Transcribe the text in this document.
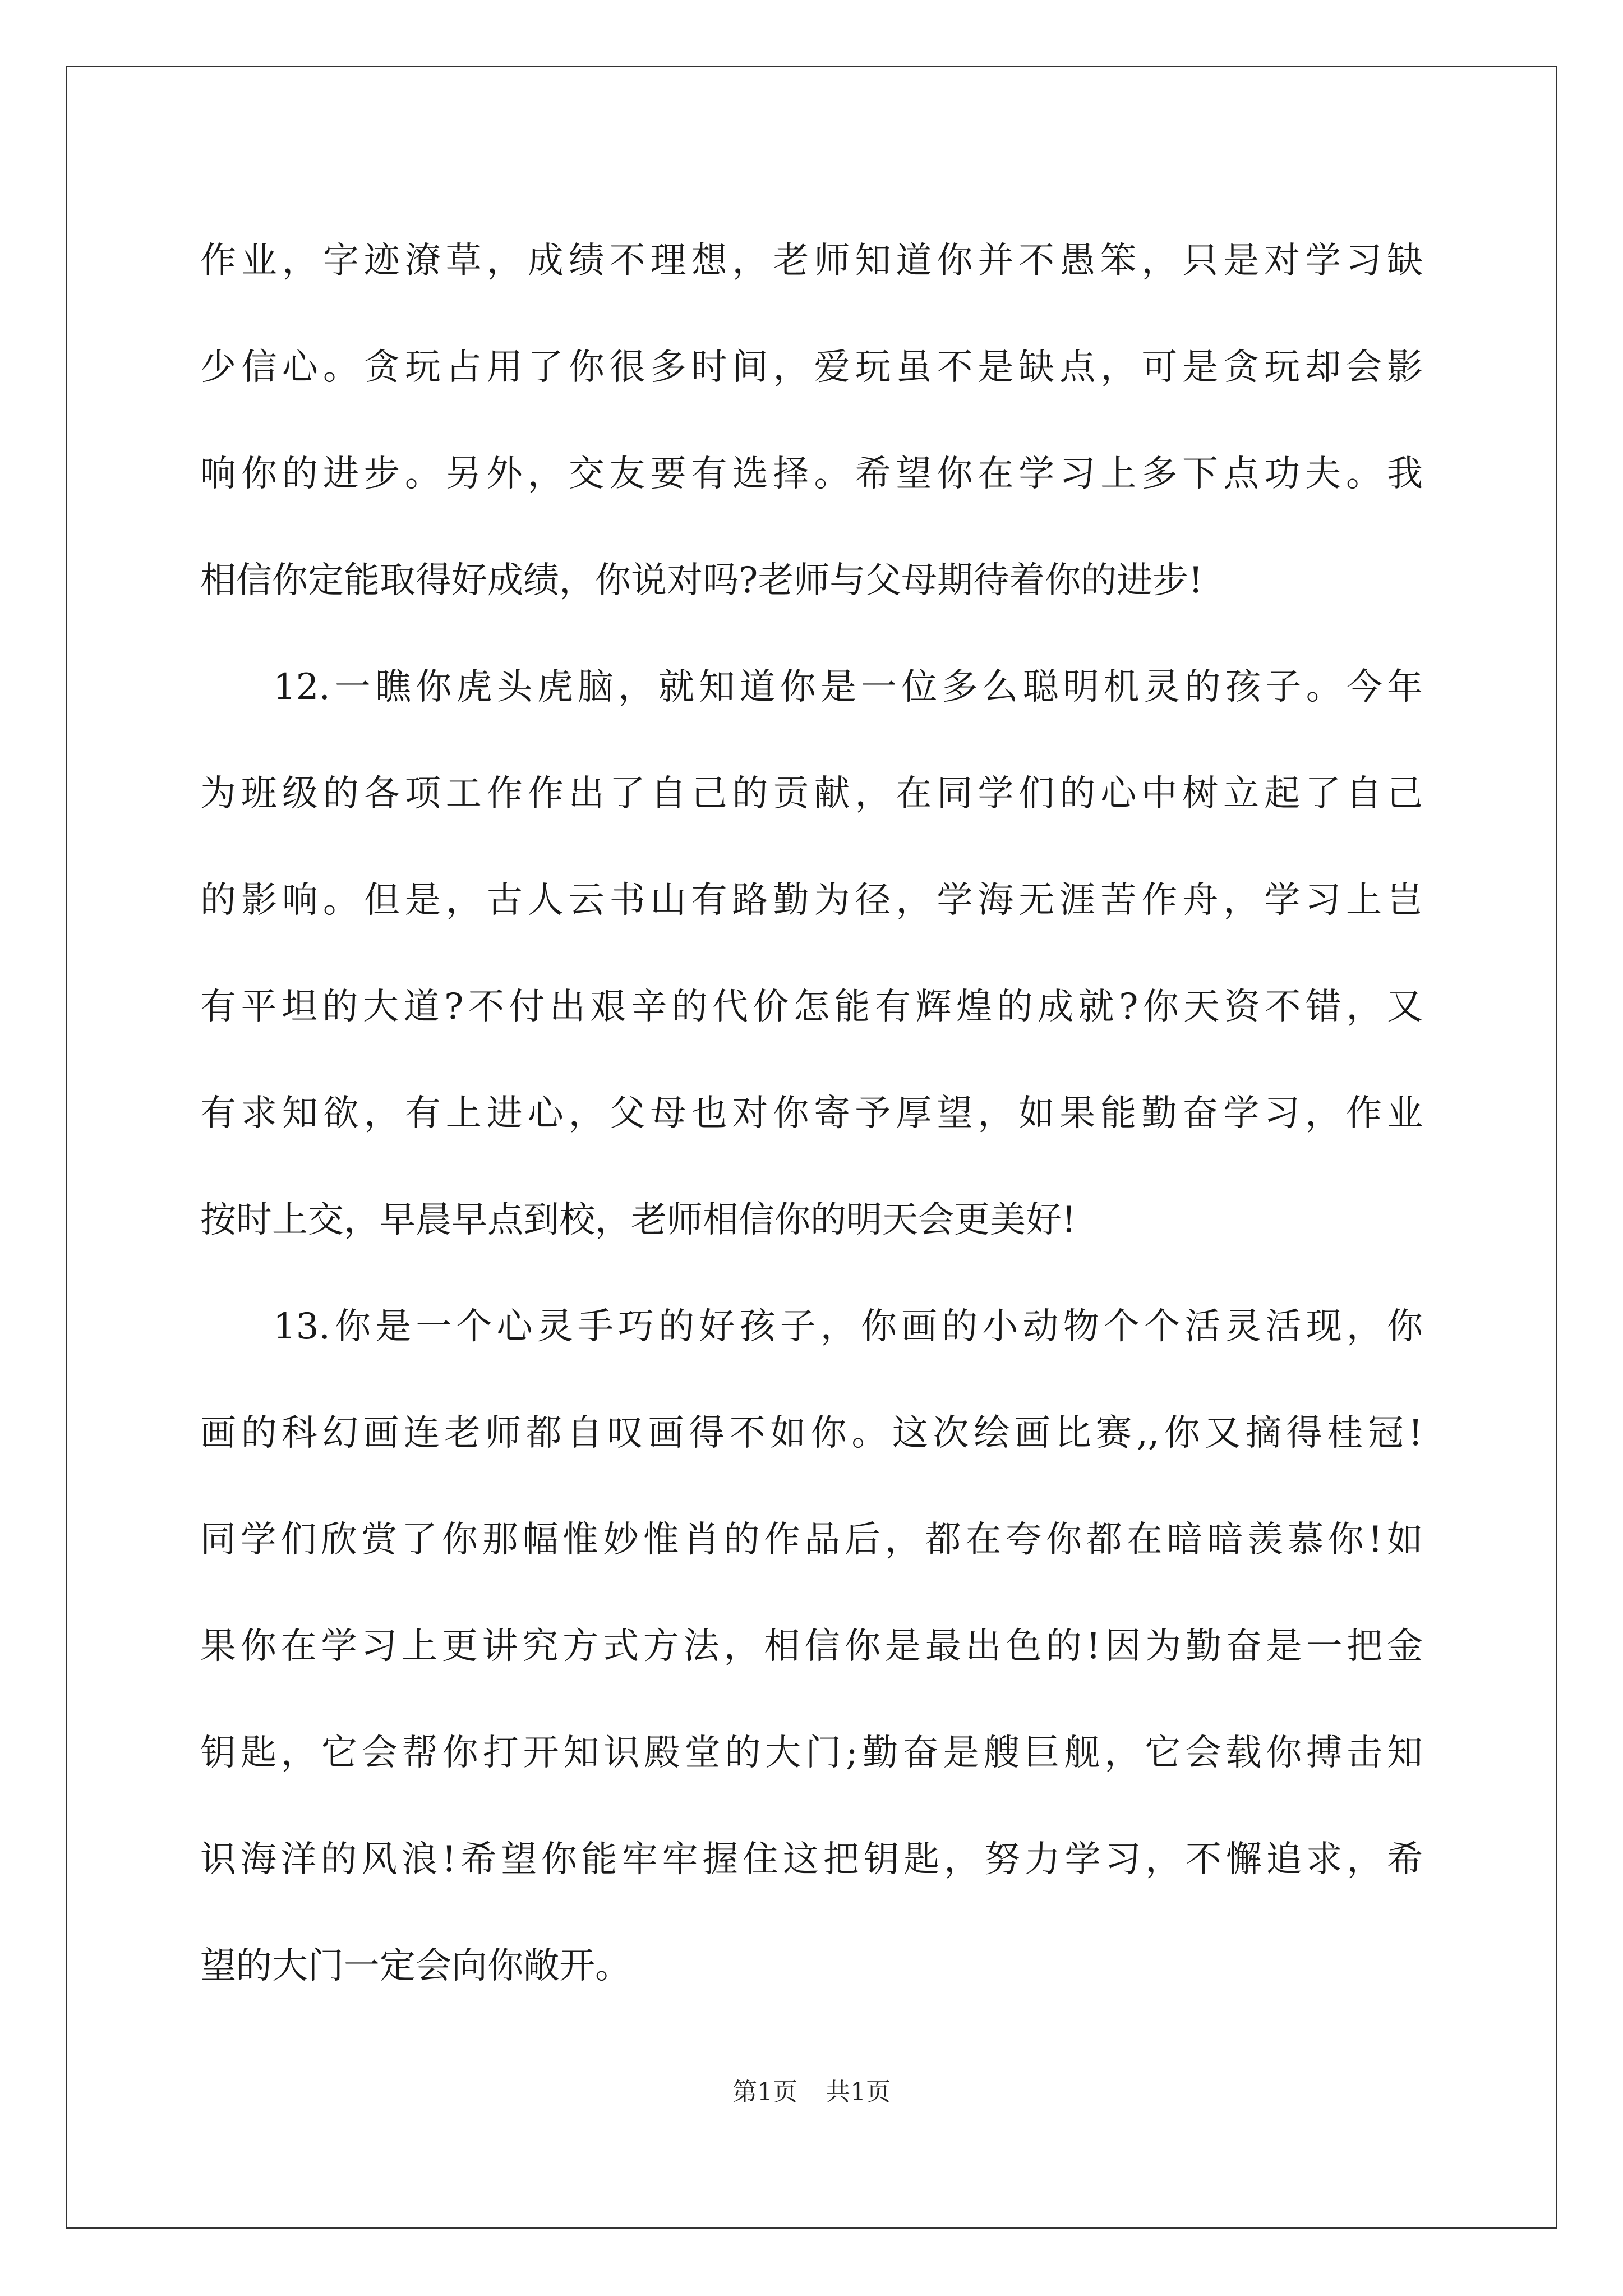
作业，字迹潦草，成绩不理想，老师知道你并不愚笨，只是对学习缺
少信心。贪玩占用了你很多时间，爱玩虽不是缺点，可是贪玩却会影
响你的进步。另外，交友要有选择。希望你在学习上多下点功夫。我
相信你定能取得好成绩，你说对吗?老师与父母期待着你的进步!
12.一瞧你虎头虎脑，就知道你是一位多么聪明机灵的孩子。今年
为班级的各项工作作出了自己的贡献，在同学们的心中树立起了自己
的影响。但是，古人云书山有路勤为径，学海无涯苦作舟，学习上岂
有平坦的大道?不付出艰辛的代价怎能有辉煌的成就?你天资不错，又
有求知欲，有上进心，父母也对你寄予厚望，如果能勤奋学习，作业
按时上交，早晨早点到校，老师相信你的明天会更美好!
13.你是一个心灵手巧的好孩子，你画的小动物个个活灵活现，你
画的科幻画连老师都自叹画得不如你。这次绘画比赛,,你又摘得桂冠!
同学们欣赏了你那幅惟妙惟肖的作品后，都在夸你都在暗暗羡慕你!如
果你在学习上更讲究方式方法，相信你是最出色的!因为勤奋是一把金
钥匙，它会帮你打开知识殿堂的大门;勤奋是艘巨舰，它会载你搏击知
识海洋的风浪!希望你能牢牢握住这把钥匙，努力学习，不懈追求，希
望的大门一定会向你敞开。
第1页 共1页
